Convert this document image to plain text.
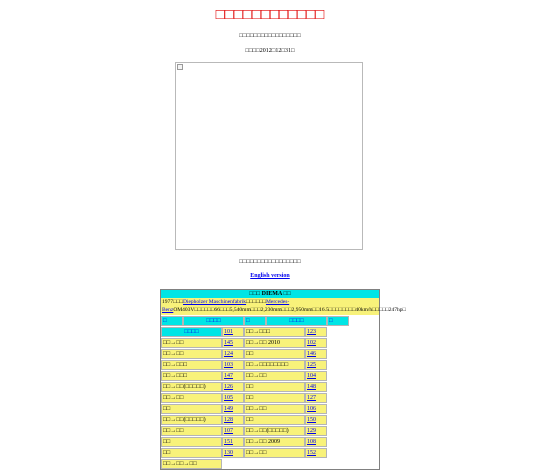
□□□□□□□□□□□□
□□□□□□□□□□□□□□□□□
□□□□2012□12□31□
□□□□□□□□□□□□□□□□□
English version
□□□ DIEMA □□
1977□□□Diepholzer Maschinenfabrik□□□□□□Mercedes-BenzOM403V□□□□□□66□□□5,540mm□□□2,230mm□□□2,950mm□□16.5□□□□□□□□40km/h□□□□□247hp□
□	□□□□	□	□□□□	□
□□□□	101	□□→□□□	123
□□→□□	145	□□→□□ 2010	102
□□→□□	124	□□	146
□□→□□□	103	□□→□□□□□□□□	125
□□→□□□	147	□□→□□	104
□□→□□(□□□□□)	126	□□	148
□□→□□	105	□□	127
□□	149	□□→□□	106
□□→□□(□□□□□)	128	□□	150
□□→□□	107	□□→□□(□□□□□)	129
□□	151	□□→□□ 2009	108
□□	130	□□→□□	152
□□→□□→□□
